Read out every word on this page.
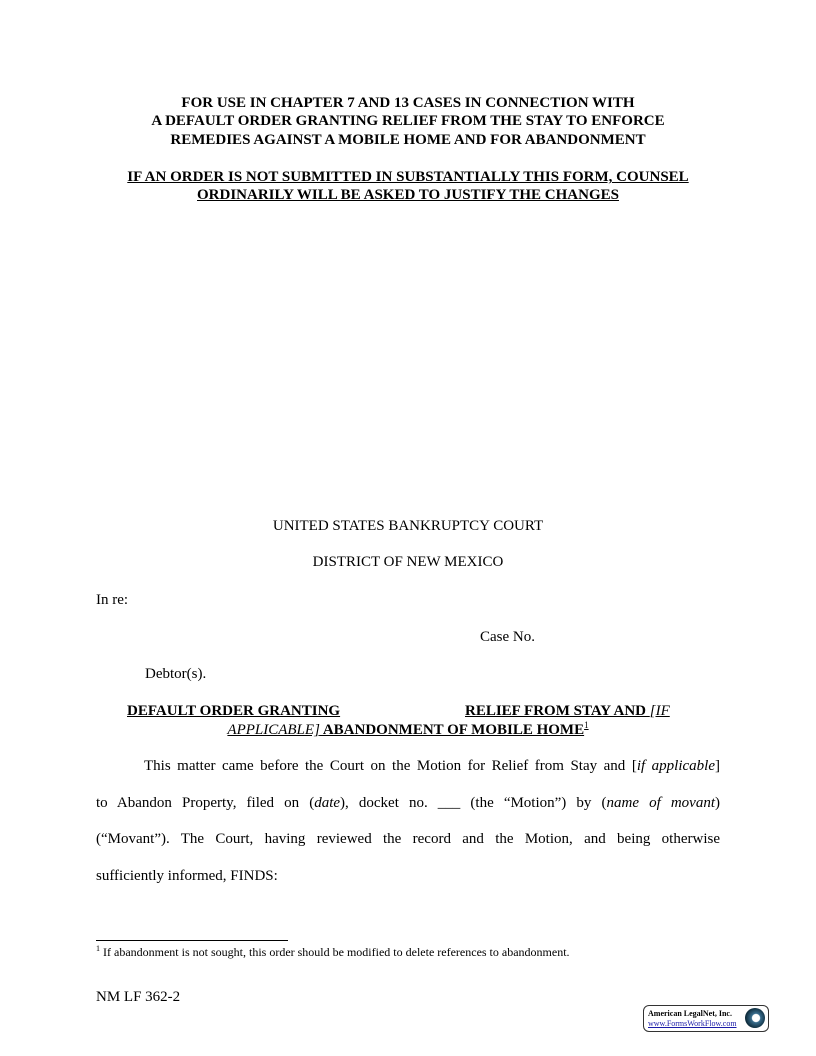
FOR USE IN CHAPTER 7 AND 13 CASES IN CONNECTION WITH
A DEFAULT ORDER GRANTING RELIEF FROM THE STAY TO ENFORCE
REMEDIES AGAINST A MOBILE HOME AND FOR ABANDONMENT
IF AN ORDER IS NOT SUBMITTED IN SUBSTANTIALLY THIS FORM, COUNSEL
ORDINARILY WILL BE ASKED TO JUSTIFY THE CHANGES
UNITED STATES BANKRUPTCY COURT
DISTRICT OF NEW MEXICO
In re:
Case No.
Debtor(s).
DEFAULT ORDER GRANTING	RELIEF FROM STAY AND [IF
APPLICABLE] ABANDONMENT OF MOBILE HOME$^1$
This matter came before the Court on the Motion for Relief from Stay and [if applicable]
to Abandon Property, filed on (date), docket no. ___ (the “Motion”) by (name of movant)
(“Movant”). The Court, having reviewed the record and the Motion, and being otherwise
sufficiently informed, FINDS:
$^1$ If abandonment is not sought, this order should be modified to delete references to abandonment.
NM LF 362-2
American LegalNet, Inc.
www.FormsWorkFlow.com
